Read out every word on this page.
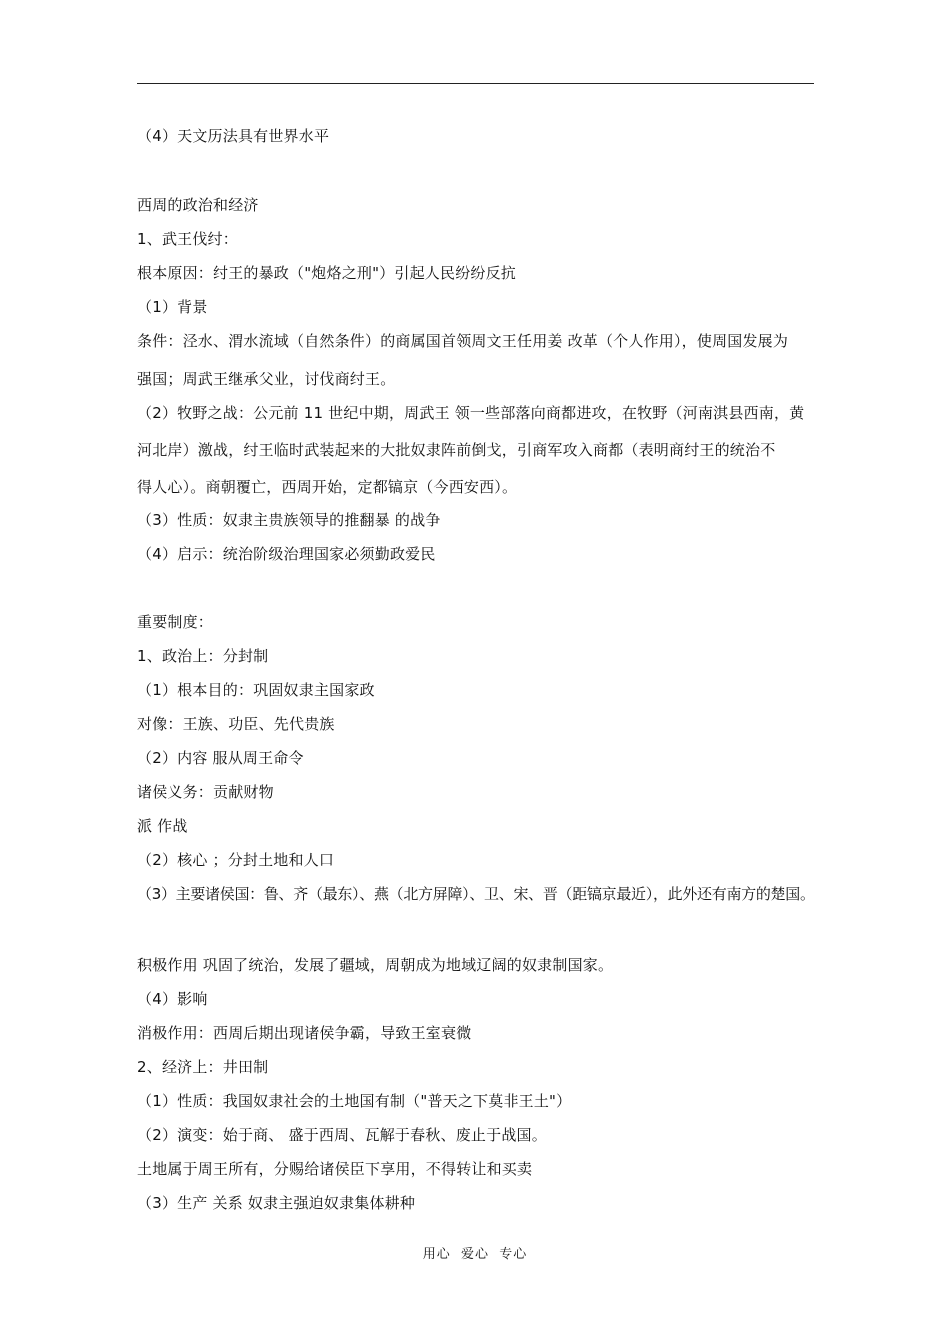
（4）天文历法具有世界水平
西周的政治和经济
1、武王伐纣：
根本原因：纣王的暴政（"炮烙之刑"）引起人民纷纷反抗
（1）背景
条件：泾水、渭水流域（自然条件）的商属国首领周文王任用姜 改革（个人作用），使周国发展为
强国；周武王继承父业，讨伐商纣王。
（2）牧野之战：公元前 11 世纪中期，周武王 领一些部落向商都进攻，在牧野（河南淇县西南，黄
河北岸）激战，纣王临时武装起来的大批奴隶阵前倒戈，引商军攻入商都（表明商纣王的统治不
得人心）。商朝覆亡，西周开始，定都镐京（今西安西）。
（3）性质：奴隶主贵族领导的推翻暴 的战争
（4）启示：统治阶级治理国家必须勤政爱民
重要制度：
1、政治上：分封制
（1）根本目的：巩固奴隶主国家政
对像：王族、功臣、先代贵族
（2）内容 服从周王命令
诸侯义务：贡献财物
派 作战
（2）核心 ；分封土地和人口
（3）主要诸侯国：鲁、齐（最东）、燕（北方屏障）、卫、宋、晋（距镐京最近），此外还有南方的楚国。
积极作用 巩固了统治，发展了疆域，周朝成为地域辽阔的奴隶制国家。
（4）影响
消极作用：西周后期出现诸侯争霸，导致王室衰微
2、经济上：井田制
（1）性质：我国奴隶社会的土地国有制（"普天之下莫非王土"）
（2）演变：始于商、 盛于西周、瓦解于春秋、废止于战国。
土地属于周王所有，分赐给诸侯臣下享用，不得转让和买卖
（3）生产 关系 奴隶主强迫奴隶集体耕种
用心  爱心  专心
